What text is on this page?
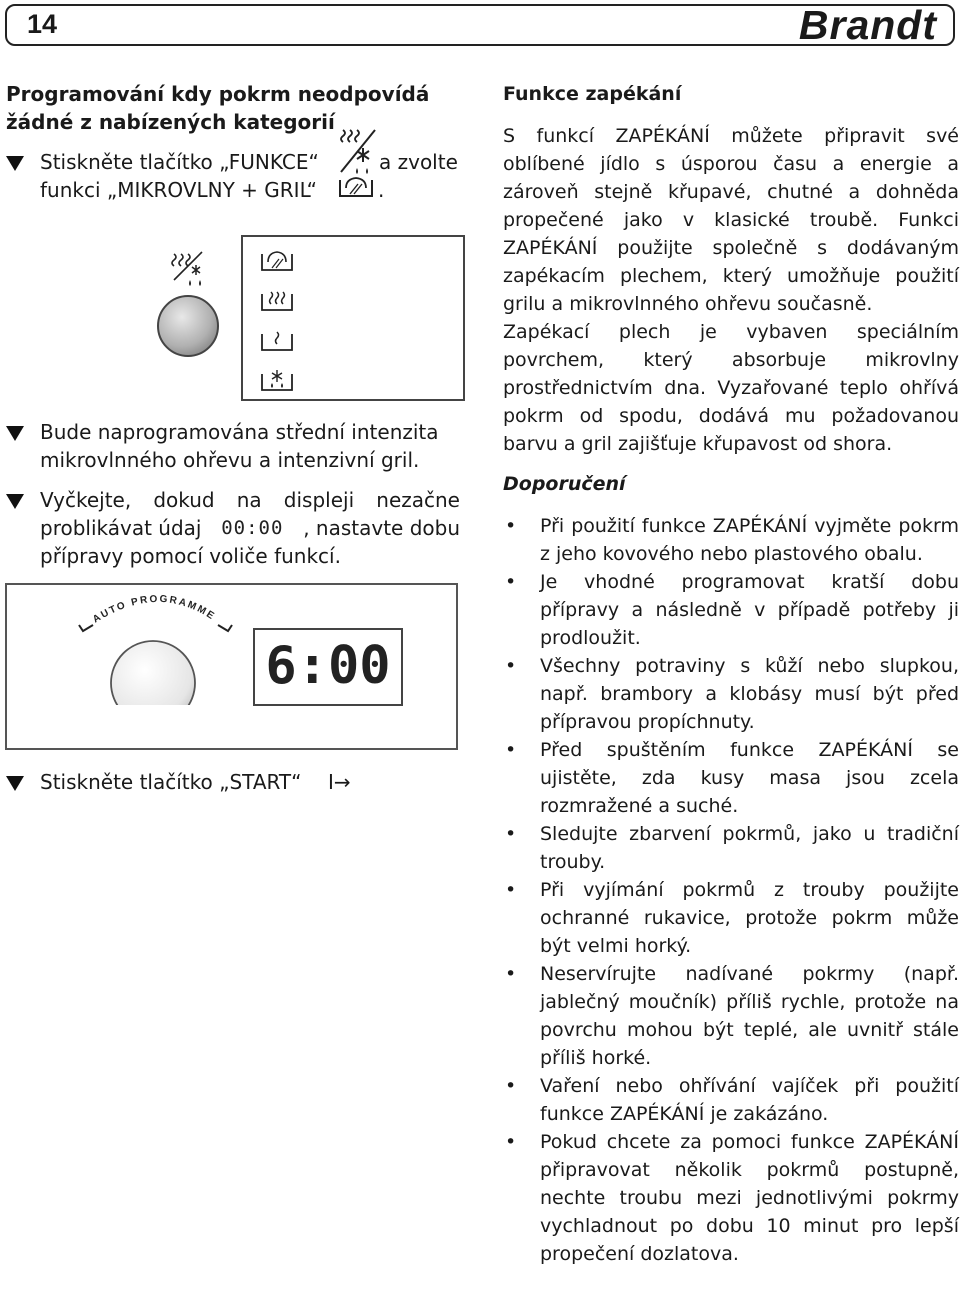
14	Brandt
Programování kdy pokrm neodpovídá žádné z nabízených kategorií
Stiskněte tlačítko „FUNKCE“	a zvolte
funkci „MIKROVLNY + GRIL“	.
Bude naprogramována střední intenzita mikrovlnného ohřevu a intenzivní gril.
Vyčkejte, dokud na displeji nezačne
problikávat údaj 00:00 , nastavte dobu
přípravy pomocí voliče funkcí.
AUTO PROGRAMME
6:00
Stiskněte tlačítko „START“ I→
Funkce zapékání
S funkcí ZAPÉKÁNÍ můžete připravit své oblíbené jídlo s úsporou času a energie a zároveň stejně křupavé, chutné a dohněda propečené jako v klasické troubě. Funkci ZAPÉKÁNÍ použijte společně s dodávaným zapékacím plechem, který umožňuje použití grilu a mikrovlnného ohřevu současně.
Zapékací plech je vybaven speciálním povrchem, který absorbuje mikrovlny prostřednictvím dna. Vyzařované teplo ohřívá pokrm od spodu, dodává mu požadovanou barvu a gril zajišťuje křupavost od shora.
Doporučení
• Při použití funkce ZAPÉKÁNÍ vyjměte pokrm z jeho kovového nebo plastového obalu.
• Je vhodné programovat kratší dobu přípravy a následně v případě potřeby ji prodloužit.
• Všechny potraviny s kůží nebo slupkou, např. brambory a klobásy musí být před přípravou propíchnuty.
• Před spuštěním funkce ZAPÉKÁNÍ se ujistěte, zda kusy masa jsou zcela rozmražené a suché.
• Sledujte zbarvení pokrmů, jako u tradiční trouby.
• Při vyjímání pokrmů z trouby použijte ochranné rukavice, protože pokrm může být velmi horký.
• Neservírujte nadívané pokrmy (např. jablečný moučník) příliš rychle, protože na povrchu mohou být teplé, ale uvnitř stále příliš horké.
• Vaření nebo ohřívání vajíček při použití funkce ZAPÉKÁNÍ je zakázáno.
• Pokud chcete za pomoci funkce ZAPÉKÁNÍ připravovat několik pokrmů postupně, nechte troubu mezi jednotlivými pokrmy vychladnout po dobu 10 minut pro lepší propečení dozlatova.
